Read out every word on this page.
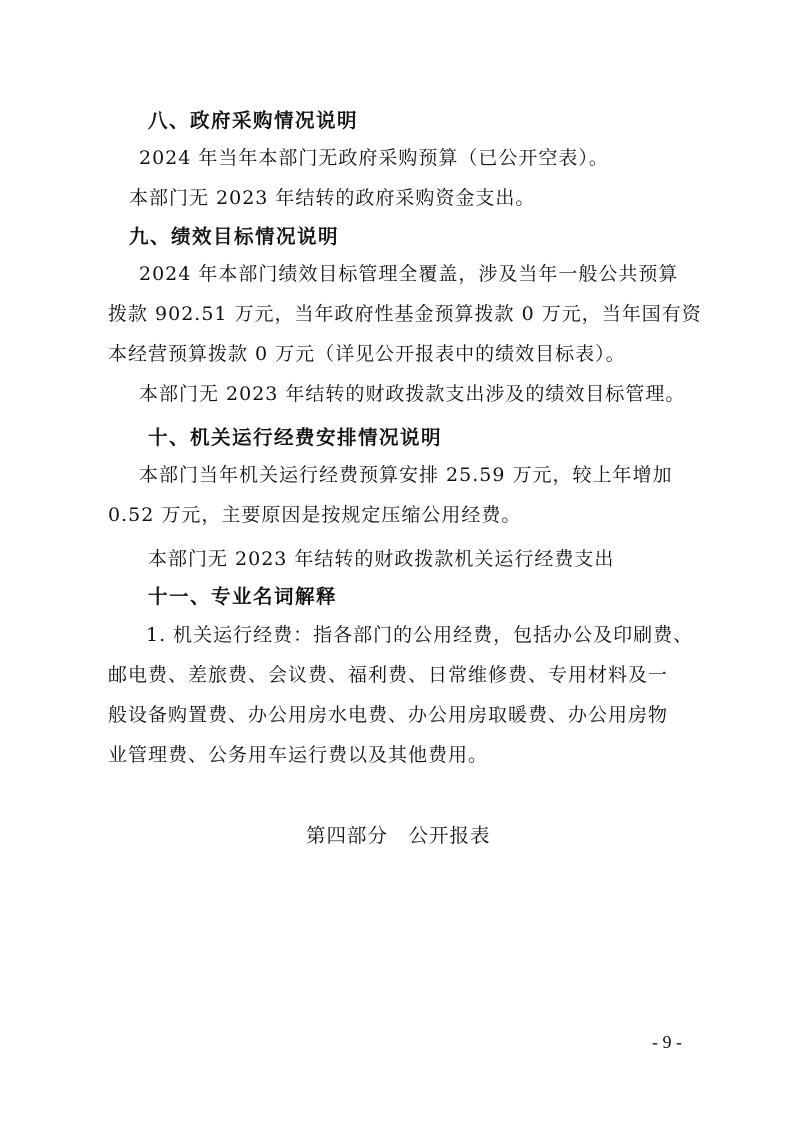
八、政府采购情况说明
2024 年当年本部门无政府采购预算（已公开空表）。
本部门无 2023 年结转的政府采购资金支出。
九、绩效目标情况说明
2024 年本部门绩效目标管理全覆盖，涉及当年一般公共预算
拨款 902.51 万元，当年政府性基金预算拨款 0 万元，当年国有资
本经营预算拨款 0 万元（详见公开报表中的绩效目标表）。
本部门无 2023 年结转的财政拨款支出涉及的绩效目标管理。
十、机关运行经费安排情况说明
本部门当年机关运行经费预算安排 25.59 万元，较上年增加
0.52 万元，主要原因是按规定压缩公用经费。
本部门无 2023 年结转的财政拨款机关运行经费支出
十一、专业名词解释
1. 机关运行经费：指各部门的公用经费，包括办公及印刷费、
邮电费、差旅费、会议费、福利费、日常维修费、专用材料及一
般设备购置费、办公用房水电费、办公用房取暖费、办公用房物
业管理费、公务用车运行费以及其他费用。
第四部分　公开报表
- 9 -
